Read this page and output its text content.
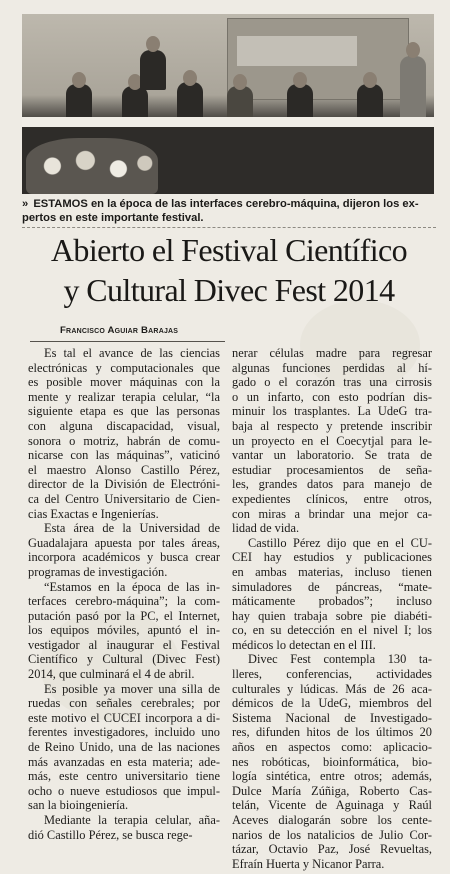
» ESTAMOS en la época de las interfaces cerebro-máquina, dijeron los ex-
pertos en este importante festival.
Abierto el Festival Científico
y Cultural Divec Fest 2014
Francisco Aguiar Barajas
Es tal el avance de las ciencias
electrónicas y computacionales que
es posible mover máquinas con la
mente y realizar terapia celular, “la
siguiente etapa es que las personas
con alguna discapacidad, visual,
sonora o motriz, habrán de comu-
nicarse con las máquinas”, vaticinó
el maestro Alonso Castillo Pérez,
director de la División de Electróni-
ca del Centro Universitario de Cien-
cias Exactas e Ingenierías.
Esta área de la Universidad de
Guadalajara apuesta por tales áreas,
incorpora académicos y busca crear
programas de investigación.
“Estamos en la época de las in-
terfaces cerebro-máquina”; la com-
putación pasó por la PC, el Internet,
los equipos móviles, apuntó el in-
vestigador al inaugurar el Festival
Científico y Cultural (Divec Fest)
2014, que culminará el 4 de abril.
Es posible ya mover una silla de
ruedas con señales cerebrales; por
este motivo el CUCEI incorpora a di-
ferentes investigadores, incluido uno
de Reino Unido, una de las naciones
más avanzadas en esta materia; ade-
más, este centro universitario tiene
ocho o nueve estudiosos que impul-
san la bioingeniería.
Mediante la terapia celular, aña-
dió Castillo Pérez, se busca rege-
nerar células madre para regresar
algunas funciones perdidas al hí-
gado o el corazón tras una cirrosis
o un infarto, con esto podrían dis-
minuir los trasplantes. La UdeG tra-
baja al respecto y pretende inscribir
un proyecto en el Coecytjal para le-
vantar un laboratorio. Se trata de
estudiar procesamientos de seña-
les, grandes datos para manejo de
expedientes clínicos, entre otros,
con miras a brindar una mejor ca-
lidad de vida.
Castillo Pérez dijo que en el CU-
CEI hay estudios y publicaciones
en ambas materias, incluso tienen
simuladores de páncreas, “mate-
máticamente probados”; incluso
hay quien trabaja sobre pie diabéti-
co, en su detección en el nivel I; los
médicos lo detectan en el III.
Divec Fest contempla 130 ta-
lleres, conferencias, actividades
culturales y lúdicas. Más de 26 aca-
démicos de la UdeG, miembros del
Sistema Nacional de Investigado-
res, difunden hitos de los últimos 20
años en aspectos como: aplicacio-
nes robóticas, bioinformática, bio-
logía sintética, entre otros; además,
Dulce María Zúñiga, Roberto Cas-
telán, Vicente de Aguinaga y Raúl
Aceves dialogarán sobre los cente-
narios de los natalicios de Julio Cor-
tázar, Octavio Paz, José Revueltas,
Efraín Huerta y Nicanor Parra.
